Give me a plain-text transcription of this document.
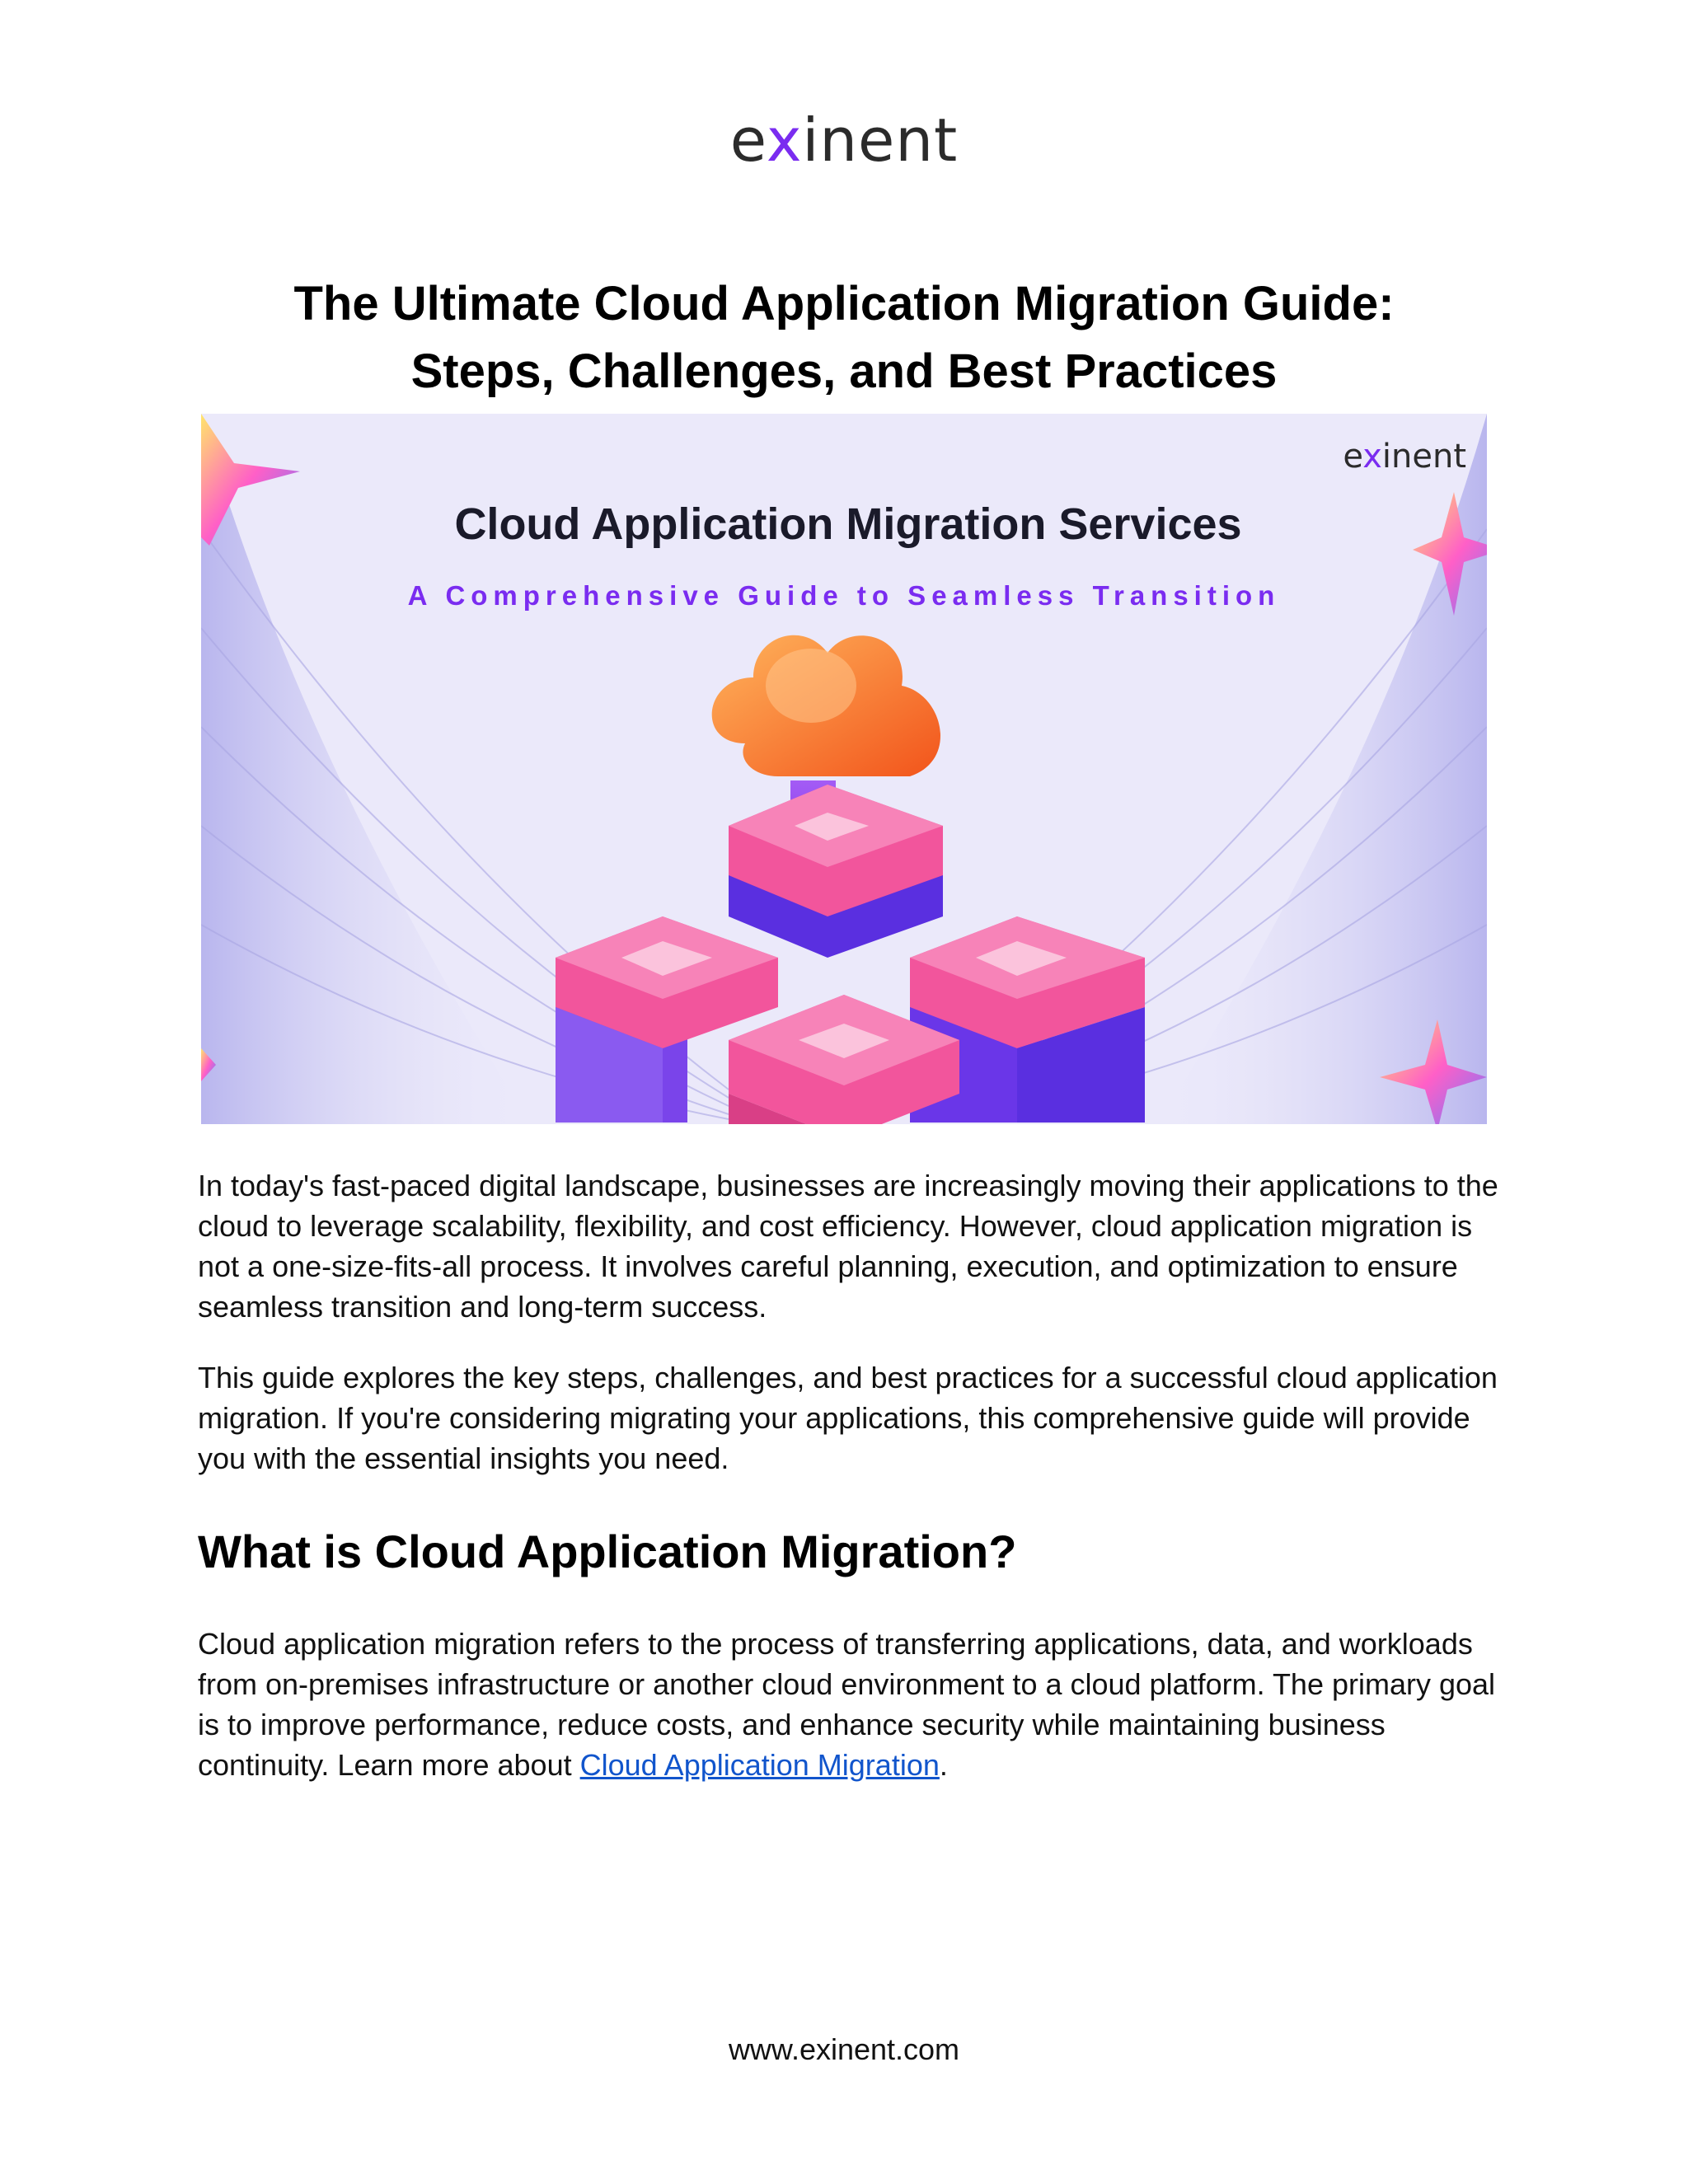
exinent
The Ultimate Cloud Application Migration Guide:
Steps, Challenges, and Best Practices
exinent
Cloud Application Migration Services
A Comprehensive Guide to Seamless Transition

In today's fast-paced digital landscape, businesses are increasingly moving their applications to the cloud to leverage scalability, flexibility, and cost efficiency. However, cloud application migration is not a one-size-fits-all process. It involves careful planning, execution, and optimization to ensure seamless transition and long-term success.

This guide explores the key steps, challenges, and best practices for a successful cloud application migration. If you're considering migrating your applications, this comprehensive guide will provide you with the essential insights you need.

What is Cloud Application Migration?

Cloud application migration refers to the process of transferring applications, data, and workloads from on-premises infrastructure or another cloud environment to a cloud platform. The primary goal is to improve performance, reduce costs, and enhance security while maintaining business continuity. Learn more about Cloud Application Migration.

www.exinent.com
